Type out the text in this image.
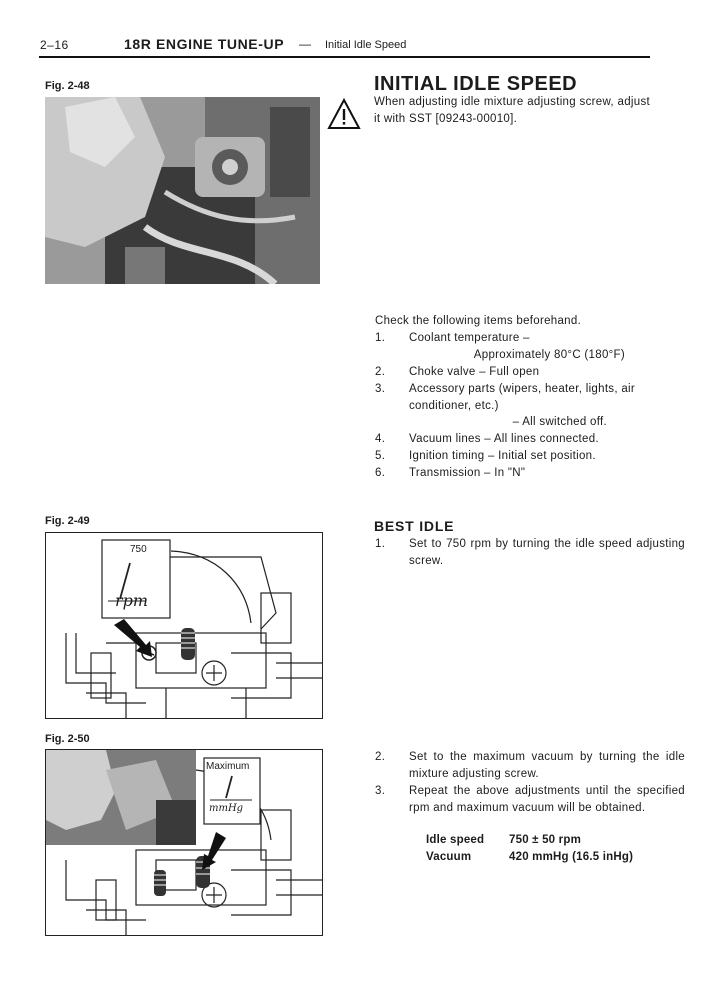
2–16	18R ENGINE TUNE-UP — Initial Idle Speed
Fig. 2-48	INITIAL IDLE SPEED
When adjusting idle mixture adjusting screw, adjust it with SST [09243-00010].
Check the following items beforehand.
1.	Coolant temperature –
Approximately 80°C (180°F)
2.	Choke valve – Full open
3.	Accessory parts (wipers, heater, lights, air conditioner, etc.)
– All switched off.
4.	Vacuum lines – All lines connected.
5.	Ignition timing – Initial set position.
6.	Transmission – In "N"
Fig. 2-49
750
rpm
BEST IDLE
1.	Set to 750 rpm by turning the idle speed adjusting screw.
Fig. 2-50
Maximum
mmHg
2.	Set to the maximum vacuum by turning the idle mixture adjusting screw.
3.	Repeat the above adjustments until the specified rpm and maximum vacuum will be obtained.
Idle speed 750 ± 50 rpm
Vacuum	420 mmHg (16.5 inHg)
